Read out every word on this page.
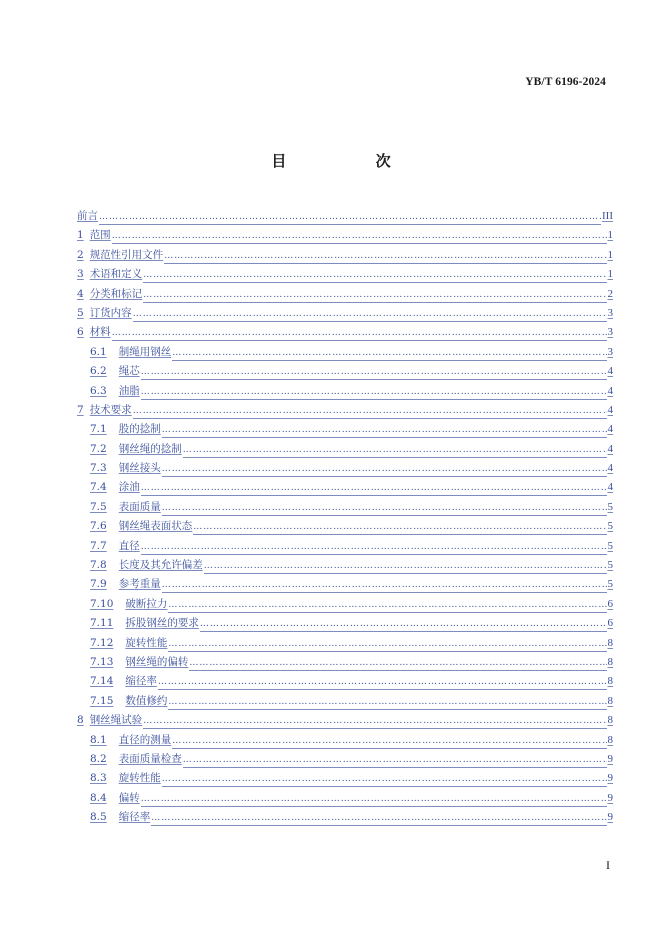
YB/T 6196-2024
目 次
前言 …………………………………………………………………………………………………………………………………………………………………………………………………………………………………………………………	III
1 范围 …………………………………………………………………………………………………………………………………………………………………………………………………………………………………………………………	1
2 规范性引用文件 …………………………………………………………………………………………………………………………………………………………………………………………………………………………………………………………	1
3 术语和定义 …………………………………………………………………………………………………………………………………………………………………………………………………………………………………………………………	1
4 分类和标记 …………………………………………………………………………………………………………………………………………………………………………………………………………………………………………………………	2
5 订货内容 …………………………………………………………………………………………………………………………………………………………………………………………………………………………………………………………	3
6 材料 …………………………………………………………………………………………………………………………………………………………………………………………………………………………………………………………	3
6.1 制绳用钢丝 …………………………………………………………………………………………………………………………………………………………………………………………………………………………………………………………	3
6.2 绳芯 …………………………………………………………………………………………………………………………………………………………………………………………………………………………………………………………	4
6.3 油脂 …………………………………………………………………………………………………………………………………………………………………………………………………………………………………………………………	4
7 技术要求 …………………………………………………………………………………………………………………………………………………………………………………………………………………………………………………………	4
7.1 股的捻制 …………………………………………………………………………………………………………………………………………………………………………………………………………………………………………………………	4
7.2 钢丝绳的捻制 …………………………………………………………………………………………………………………………………………………………………………………………………………………………………………………………	4
7.3 钢丝接头 …………………………………………………………………………………………………………………………………………………………………………………………………………………………………………………………	4
7.4 涂油 …………………………………………………………………………………………………………………………………………………………………………………………………………………………………………………………	4
7.5 表面质量 …………………………………………………………………………………………………………………………………………………………………………………………………………………………………………………………	5
7.6 钢丝绳表面状态 …………………………………………………………………………………………………………………………………………………………………………………………………………………………………………………………	5
7.7 直径 …………………………………………………………………………………………………………………………………………………………………………………………………………………………………………………………	5
7.8 长度及其允许偏差 …………………………………………………………………………………………………………………………………………………………………………………………………………………………………………………………	5
7.9 参考重量 …………………………………………………………………………………………………………………………………………………………………………………………………………………………………………………………	5
7.10 破断拉力 …………………………………………………………………………………………………………………………………………………………………………………………………………………………………………………………	6
7.11 拆股钢丝的要求 …………………………………………………………………………………………………………………………………………………………………………………………………………………………………………………………	6
7.12 旋转性能 …………………………………………………………………………………………………………………………………………………………………………………………………………………………………………………………	8
7.13 钢丝绳的偏转 …………………………………………………………………………………………………………………………………………………………………………………………………………………………………………………………	8
7.14 缩径率 …………………………………………………………………………………………………………………………………………………………………………………………………………………………………………………………	8
7.15 数值修约 …………………………………………………………………………………………………………………………………………………………………………………………………………………………………………………………	8
8 钢丝绳试验 …………………………………………………………………………………………………………………………………………………………………………………………………………………………………………………………	8
8.1 直径的测量 …………………………………………………………………………………………………………………………………………………………………………………………………………………………………………………………	8
8.2 表面质量检查 …………………………………………………………………………………………………………………………………………………………………………………………………………………………………………………………	9
8.3 旋转性能 …………………………………………………………………………………………………………………………………………………………………………………………………………………………………………………………	9
8.4 偏转 …………………………………………………………………………………………………………………………………………………………………………………………………………………………………………………………	9
8.5 缩径率 …………………………………………………………………………………………………………………………………………………………………………………………………………………………………………………………	9
I
